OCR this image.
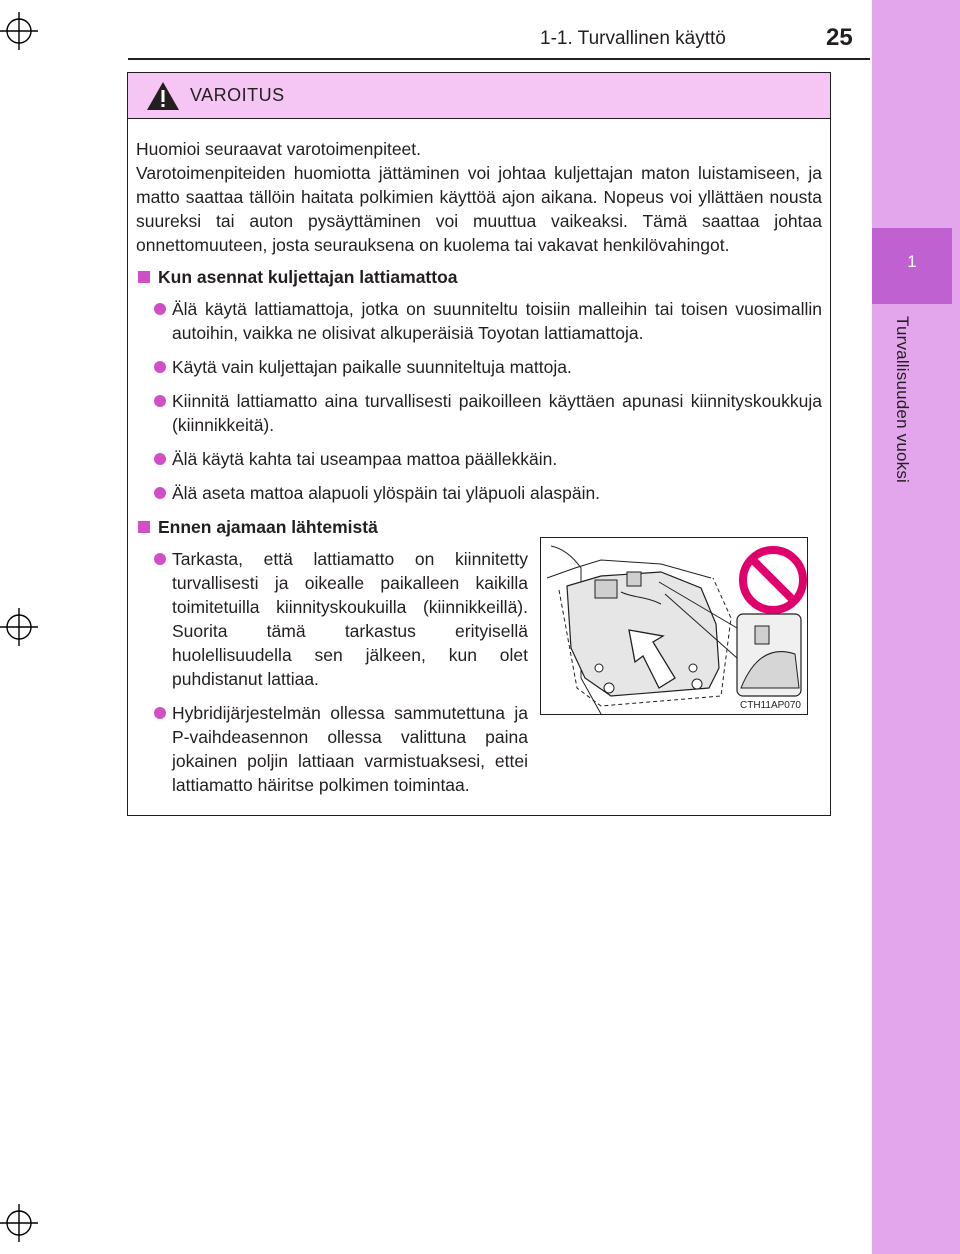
1
Turvallisuuden vuoksi
1-1. Turvallinen käyttö	25
VAROITUS

Huomioi seuraavat varotoimenpiteet.
Varotoimenpiteiden huomiotta jättäminen voi johtaa kuljettajan maton luistamiseen, ja matto saattaa tällöin haitata polkimien käyttöä ajon aikana. Nopeus voi yllättäen nousta suureksi tai auton pysäyttäminen voi muuttua vaikeaksi. Tämä saattaa johtaa onnettomuuteen, josta seurauksena on kuolema tai vakavat henkilövahingot.

Kun asennat kuljettajan lattiamattoa
Älä käytä lattiamattoja, jotka on suunniteltu toisiin malleihin tai toisen vuosimallin autoihin, vaikka ne olisivat alkuperäisiä Toyotan lattiamattoja.
Käytä vain kuljettajan paikalle suunniteltuja mattoja.
Kiinnitä lattiamatto aina turvallisesti paikoilleen käyttäen apunasi kiinnityskoukkuja (kiinnikkeitä).
Älä käytä kahta tai useampaa mattoa päällekkäin.
Älä aseta mattoa alapuoli ylöspäin tai yläpuoli alaspäin.
Ennen ajamaan lähtemistä
Tarkasta, että lattiamatto on kiinnitetty turvallisesti ja oikealle paikalleen kaikilla toimitetuilla kiinnityskoukuilla (kiinnikkeillä). Suorita tämä tarkastus erityisellä huolellisuudella sen jälkeen, kun olet puhdistanut lattiaa.
Hybridijärjestelmän ollessa sammutettuna ja P-vaihdeasennon ollessa valittuna paina jokainen poljin lattiaan varmistuaksesi, ettei lattiamatto häiritse polkimen toimintaa.
CTH11AP070
